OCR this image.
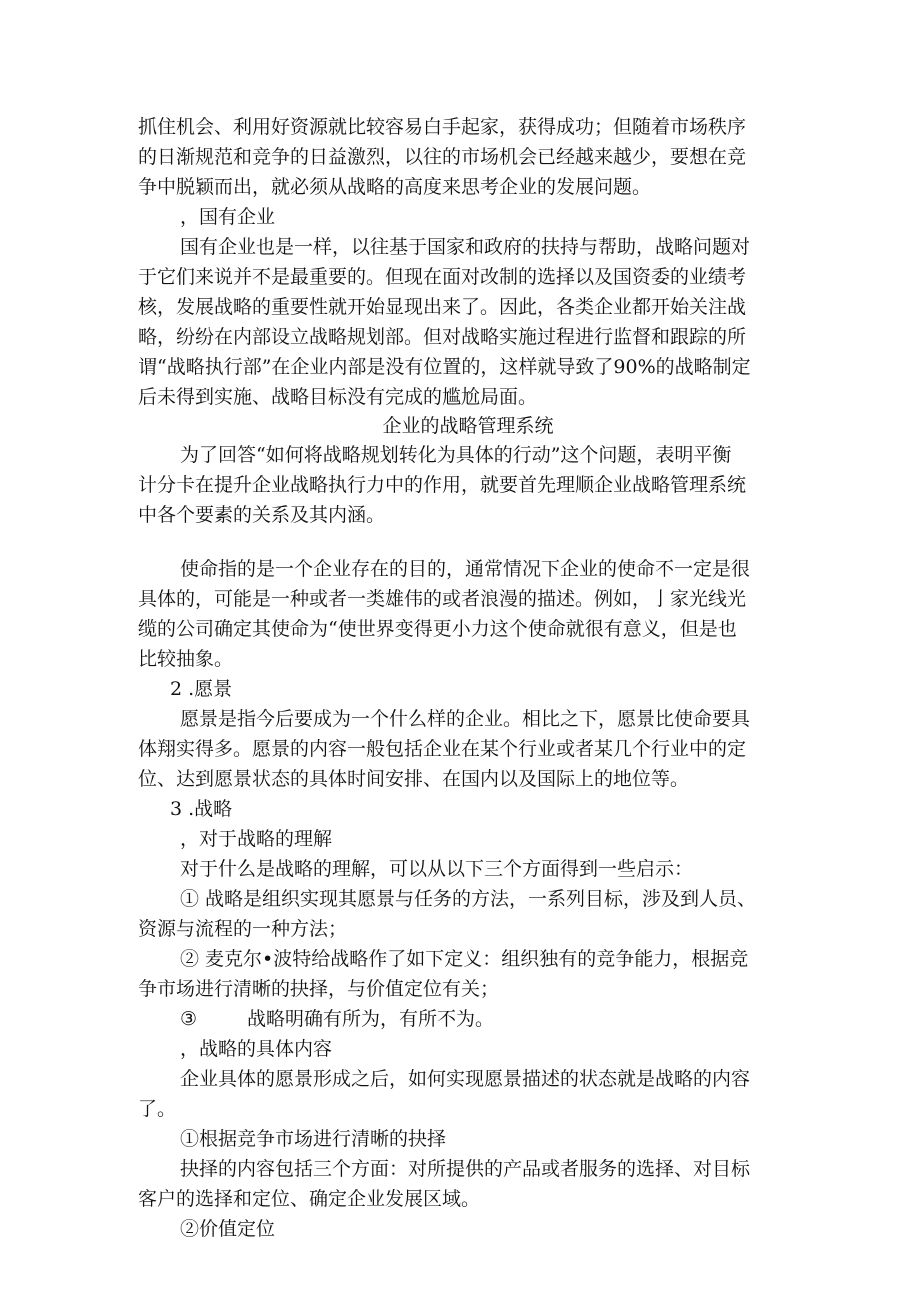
抓住机会、利用好资源就比较容易白手起家，获得成功；但随着市场秩序
的日渐规范和竞争的日益激烈，以往的市场机会已经越来越少，要想在竞
争中脱颖而出，就必须从战略的高度来思考企业的发展问题。
，国有企业
国有企业也是一样，以往基于国家和政府的扶持与帮助，战略问题对
于它们来说并不是最重要的。但现在面对改制的选择以及国资委的业绩考
核，发展战略的重要性就开始显现出来了。因此，各类企业都开始关注战
略，纷纷在内部设立战略规划部。但对战略实施过程进行监督和跟踪的所
谓“战略执行部”在企业内部是没有位置的，这样就导致了90%的战略制定
后未得到实施、战略目标没有完成的尴尬局面。
企业的战略管理系统
为了回答“如何将战略规划转化为具体的行动”这个问题，表明平衡
计分卡在提升企业战略执行力中的作用，就要首先理顺企业战略管理系统
中各个要素的关系及其内涵。
使命指的是一个企业存在的目的，通常情况下企业的使命不一定是很
具体的，可能是一种或者一类雄伟的或者浪漫的描述。例如，亅家光线光
缆的公司确定其使命为“使世界变得更小力这个使命就很有意义，但是也
比较抽象。
2 .愿景
愿景是指今后要成为一个什么样的企业。相比之下，愿景比使命要具
体翔实得多。愿景的内容一般包括企业在某个行业或者某几个行业中的定
位、达到愿景状态的具体时间安排、在国内以及国际上的地位等。
3 .战略
，对于战略的理解
对于什么是战略的理解，可以从以下三个方面得到一些启示：
① 战略是组织实现其愿景与任务的方法，一系列目标，涉及到人员、
资源与流程的一种方法；
② 麦克尔•波特给战略作了如下定义：组织独有的竞争能力，根据竞
争市场进行清晰的抉择，与价值定位有关；
③	战略明确有所为，有所不为。
，战略的具体内容
企业具体的愿景形成之后，如何实现愿景描述的状态就是战略的内容
了。
①根据竞争市场进行清晰的抉择
抉择的内容包括三个方面：对所提供的产品或者服务的选择、对目标
客户的选择和定位、确定企业发展区域。
②价值定位
